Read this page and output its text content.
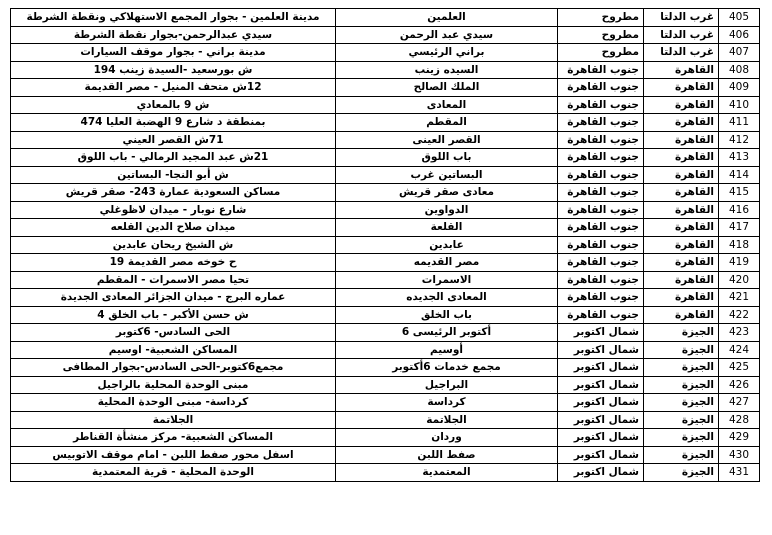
مدينة العلمين - بجوار المجمع الاستهلاكي ونقطة الشرطة	العلمين	مطروح	غرب الدلتا	405
سيدي عبدالرحمن-بجوار نقطة الشرطة	سيدي عبد الرحمن	مطروح	غرب الدلتا	406
مدينة براني - بجوار موقف السيارات	براني الرئيسي	مطروح	غرب الدلتا	407
ش بورسعيد -السيدة زينب 194	السيده زينب	جنوب القاهرة	القاهرة	408
12ش متحف المنيل - مصر القديمة	الملك الصالح	جنوب القاهرة	القاهرة	409
ش 9 بالمعادي	المعادى	جنوب القاهرة	القاهرة	410
بمنطقة د شارع 9 الهضبة العليا 474	المقطم	جنوب القاهرة	القاهرة	411
71ش القصر العيني	القصر العينى	جنوب القاهرة	القاهرة	412
21ش عبد المجيد الرمالي - باب اللوق	باب اللوق	جنوب القاهرة	القاهرة	413
ش أبو النجا- البساتين	البساتين غرب	جنوب القاهرة	القاهرة	414
مساكن السعودية عمارة 243- صقر قريش	معادى صقر قريش	جنوب القاهرة	القاهرة	415
شارع نوبار - ميدان لاظوغلي	الدواوين	جنوب القاهرة	القاهرة	416
ميدان صلاح الدين القلعه	القلعة	جنوب القاهرة	القاهرة	417
ش الشيخ ريحان عابدين	عابدين	جنوب القاهرة	القاهرة	418
ح خوخه مصر القديمة 19	مصر القديمه	جنوب القاهرة	القاهرة	419
تحيا مصر الاسمرات - المقطم	الاسمرات	جنوب القاهرة	القاهرة	420
عماره البرج - ميدان الجزائر المعادى الجديدة	المعادى الجديده	جنوب القاهرة	القاهرة	421
ش حسن الأكبر - باب الخلق 4	باب الخلق	جنوب القاهرة	القاهرة	422
الحى السادس- 6كتوبر	أكتوبر الرئيسى 6	شمال اكتوبر	الجيزة	423
المساكن الشعبية- اوسيم	أوسيم	شمال اكتوبر	الجيزة	424
مجمع6كتوبر-الحى السادس-بجوار المطافى	مجمع خدمات 6أكتوبر	شمال اكتوبر	الجيزة	425
مبنى الوحدة المحلية بالراجيل	البراجيل	شمال اكتوبر	الجيزة	426
كرداسة- مبنى الوحدة المحلية	كرداسة	شمال اكتوبر	الجيزة	427
الجلاتمة	الجلاتمة	شمال اكتوبر	الجيزة	428
المساكن الشعبية- مركز منشأة القناطر	وردان	شمال اكتوبر	الجيزة	429
اسفل محور صفط اللبن - امام موقف الاتوبيس	صفط اللبن	شمال اكتوبر	الجيزة	430
الوحدة المحلية - قرية المعتمدية	المعتمدية	شمال اكتوبر	الجيزة	431
